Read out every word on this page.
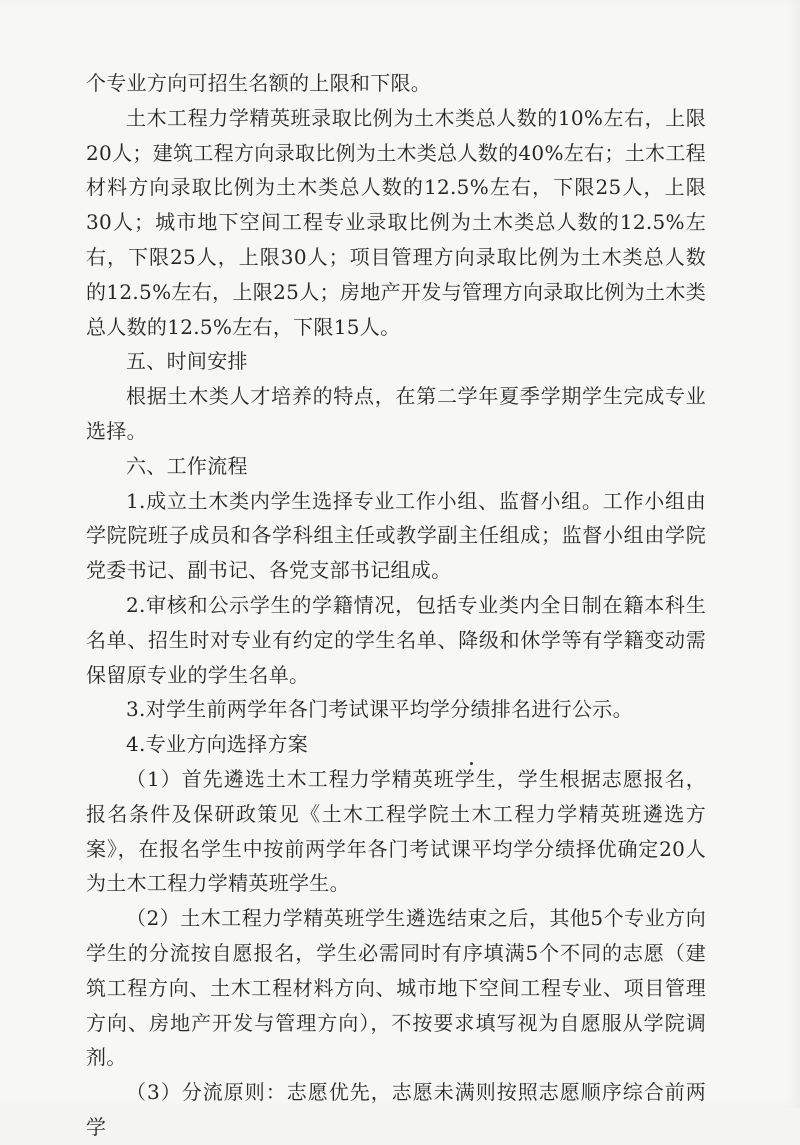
个专业方向可招生名额的上限和下限。

土木工程力学精英班录取比例为土木类总人数的10%左右，上限20人；建筑工程方向录取比例为土木类总人数的40%左右；土木工程材料方向录取比例为土木类总人数的12.5%左右，下限25人，上限30人；城市地下空间工程专业录取比例为土木类总人数的12.5%左右，下限25人，上限30人；项目管理方向录取比例为土木类总人数的12.5%左右，上限25人；房地产开发与管理方向录取比例为土木类总人数的12.5%左右，下限15人。

五、时间安排

根据土木类人才培养的特点，在第二学年夏季学期学生完成专业选择。

六、工作流程

1.成立土木类内学生选择专业工作小组、监督小组。工作小组由学院院班子成员和各学科组主任或教学副主任组成；监督小组由学院党委书记、副书记、各党支部书记组成。

2.审核和公示学生的学籍情况，包括专业类内全日制在籍本科生名单、招生时对专业有约定的学生名单、降级和休学等有学籍变动需保留原专业的学生名单。

3.对学生前两学年各门考试课平均学分绩排名进行公示。

4.专业方向选择方案

（1）首先遴选土木工程力学精英班学生，学生根据志愿报名，报名条件及保研政策见《土木工程学院土木工程力学精英班遴选方案》，在报名学生中按前两学年各门考试课平均学分绩择优确定20人为土木工程力学精英班学生。

（2）土木工程力学精英班学生遴选结束之后，其他5个专业方向学生的分流按自愿报名，学生必需同时有序填满5个不同的志愿（建筑工程方向、土木工程材料方向、城市地下空间工程专业、项目管理方向、房地产开发与管理方向），不按要求填写视为自愿服从学院调剂。

（3）分流原则：志愿优先，志愿未满则按照志愿顺序综合前两学
